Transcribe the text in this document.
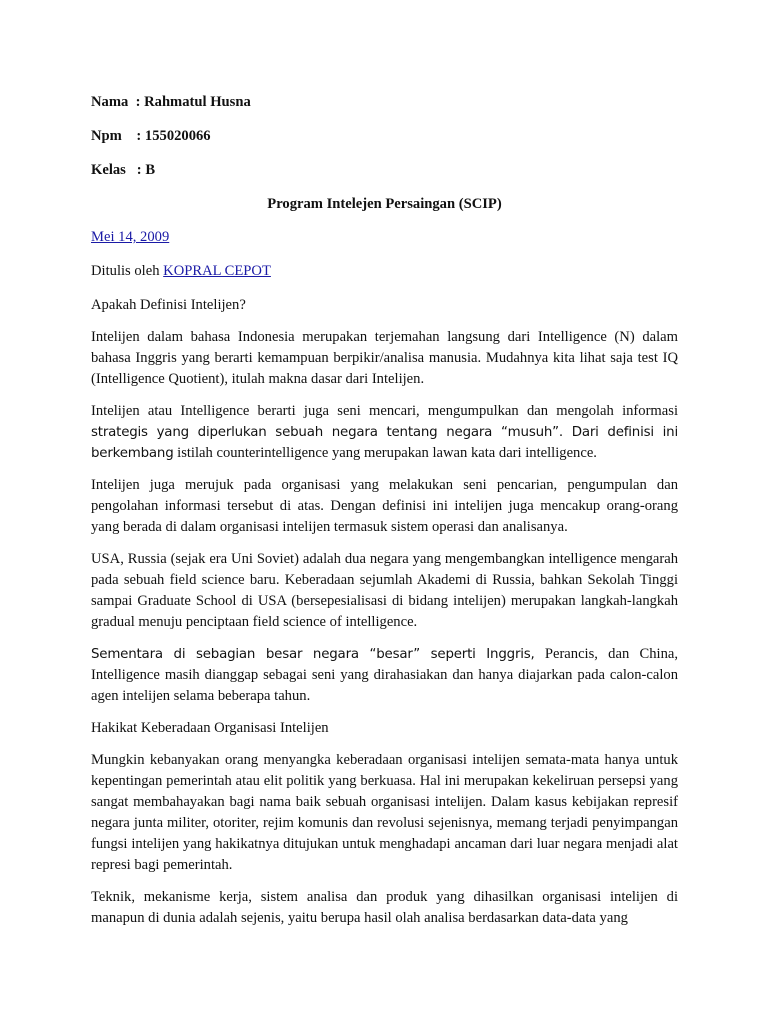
Nama  : Rahmatul Husna
Npm    : 155020066
Kelas   : B
Program Intelejen Persaingan (SCIP)
Mei 14, 2009
Ditulis oleh KOPRAL CEPOT
Apakah Definisi Intelijen?

Intelijen dalam bahasa Indonesia merupakan terjemahan langsung dari Intelligence (N) dalam bahasa Inggris yang berarti kemampuan berpikir/analisa manusia. Mudahnya kita lihat saja test IQ (Intelligence Quotient), itulah makna dasar dari Intelijen.

Intelijen atau Intelligence berarti juga seni mencari, mengumpulkan dan mengolah informasi strategis yang diperlukan sebuah negara tentang negara “musuh”. Dari definisi ini berkembang istilah counterintelligence yang merupakan lawan kata dari intelligence.

Intelijen juga merujuk pada organisasi yang melakukan seni pencarian, pengumpulan dan pengolahan informasi tersebut di atas. Dengan definisi ini intelijen juga mencakup orang-orang yang berada di dalam organisasi intelijen termasuk sistem operasi dan analisanya.

USA, Russia (sejak era Uni Soviet) adalah dua negara yang mengembangkan intelligence mengarah pada sebuah field science baru. Keberadaan sejumlah Akademi di Russia, bahkan Sekolah Tinggi sampai Graduate School di USA (bersepesialisasi di bidang intelijen) merupakan langkah-langkah gradual menuju penciptaan field science of intelligence.

Sementara di sebagian besar negara “besar” seperti Inggris, Perancis, dan China, Intelligence masih dianggap sebagai seni yang dirahasiakan dan hanya diajarkan pada calon-calon agen intelijen selama beberapa tahun.

Hakikat Keberadaan Organisasi Intelijen

Mungkin kebanyakan orang menyangka keberadaan organisasi intelijen semata-mata hanya untuk kepentingan pemerintah atau elit politik yang berkuasa. Hal ini merupakan kekeliruan persepsi yang sangat membahayakan bagi nama baik sebuah organisasi intelijen. Dalam kasus kebijakan represif negara junta militer, otoriter, rejim komunis dan revolusi sejenisnya, memang terjadi penyimpangan fungsi intelijen yang hakikatnya ditujukan untuk menghadapi ancaman dari luar negara menjadi alat represi bagi pemerintah.

Teknik, mekanisme kerja, sistem analisa dan produk yang dihasilkan organisasi intelijen di manapun di dunia adalah sejenis, yaitu berupa hasil olah analisa berdasarkan data-data yang
